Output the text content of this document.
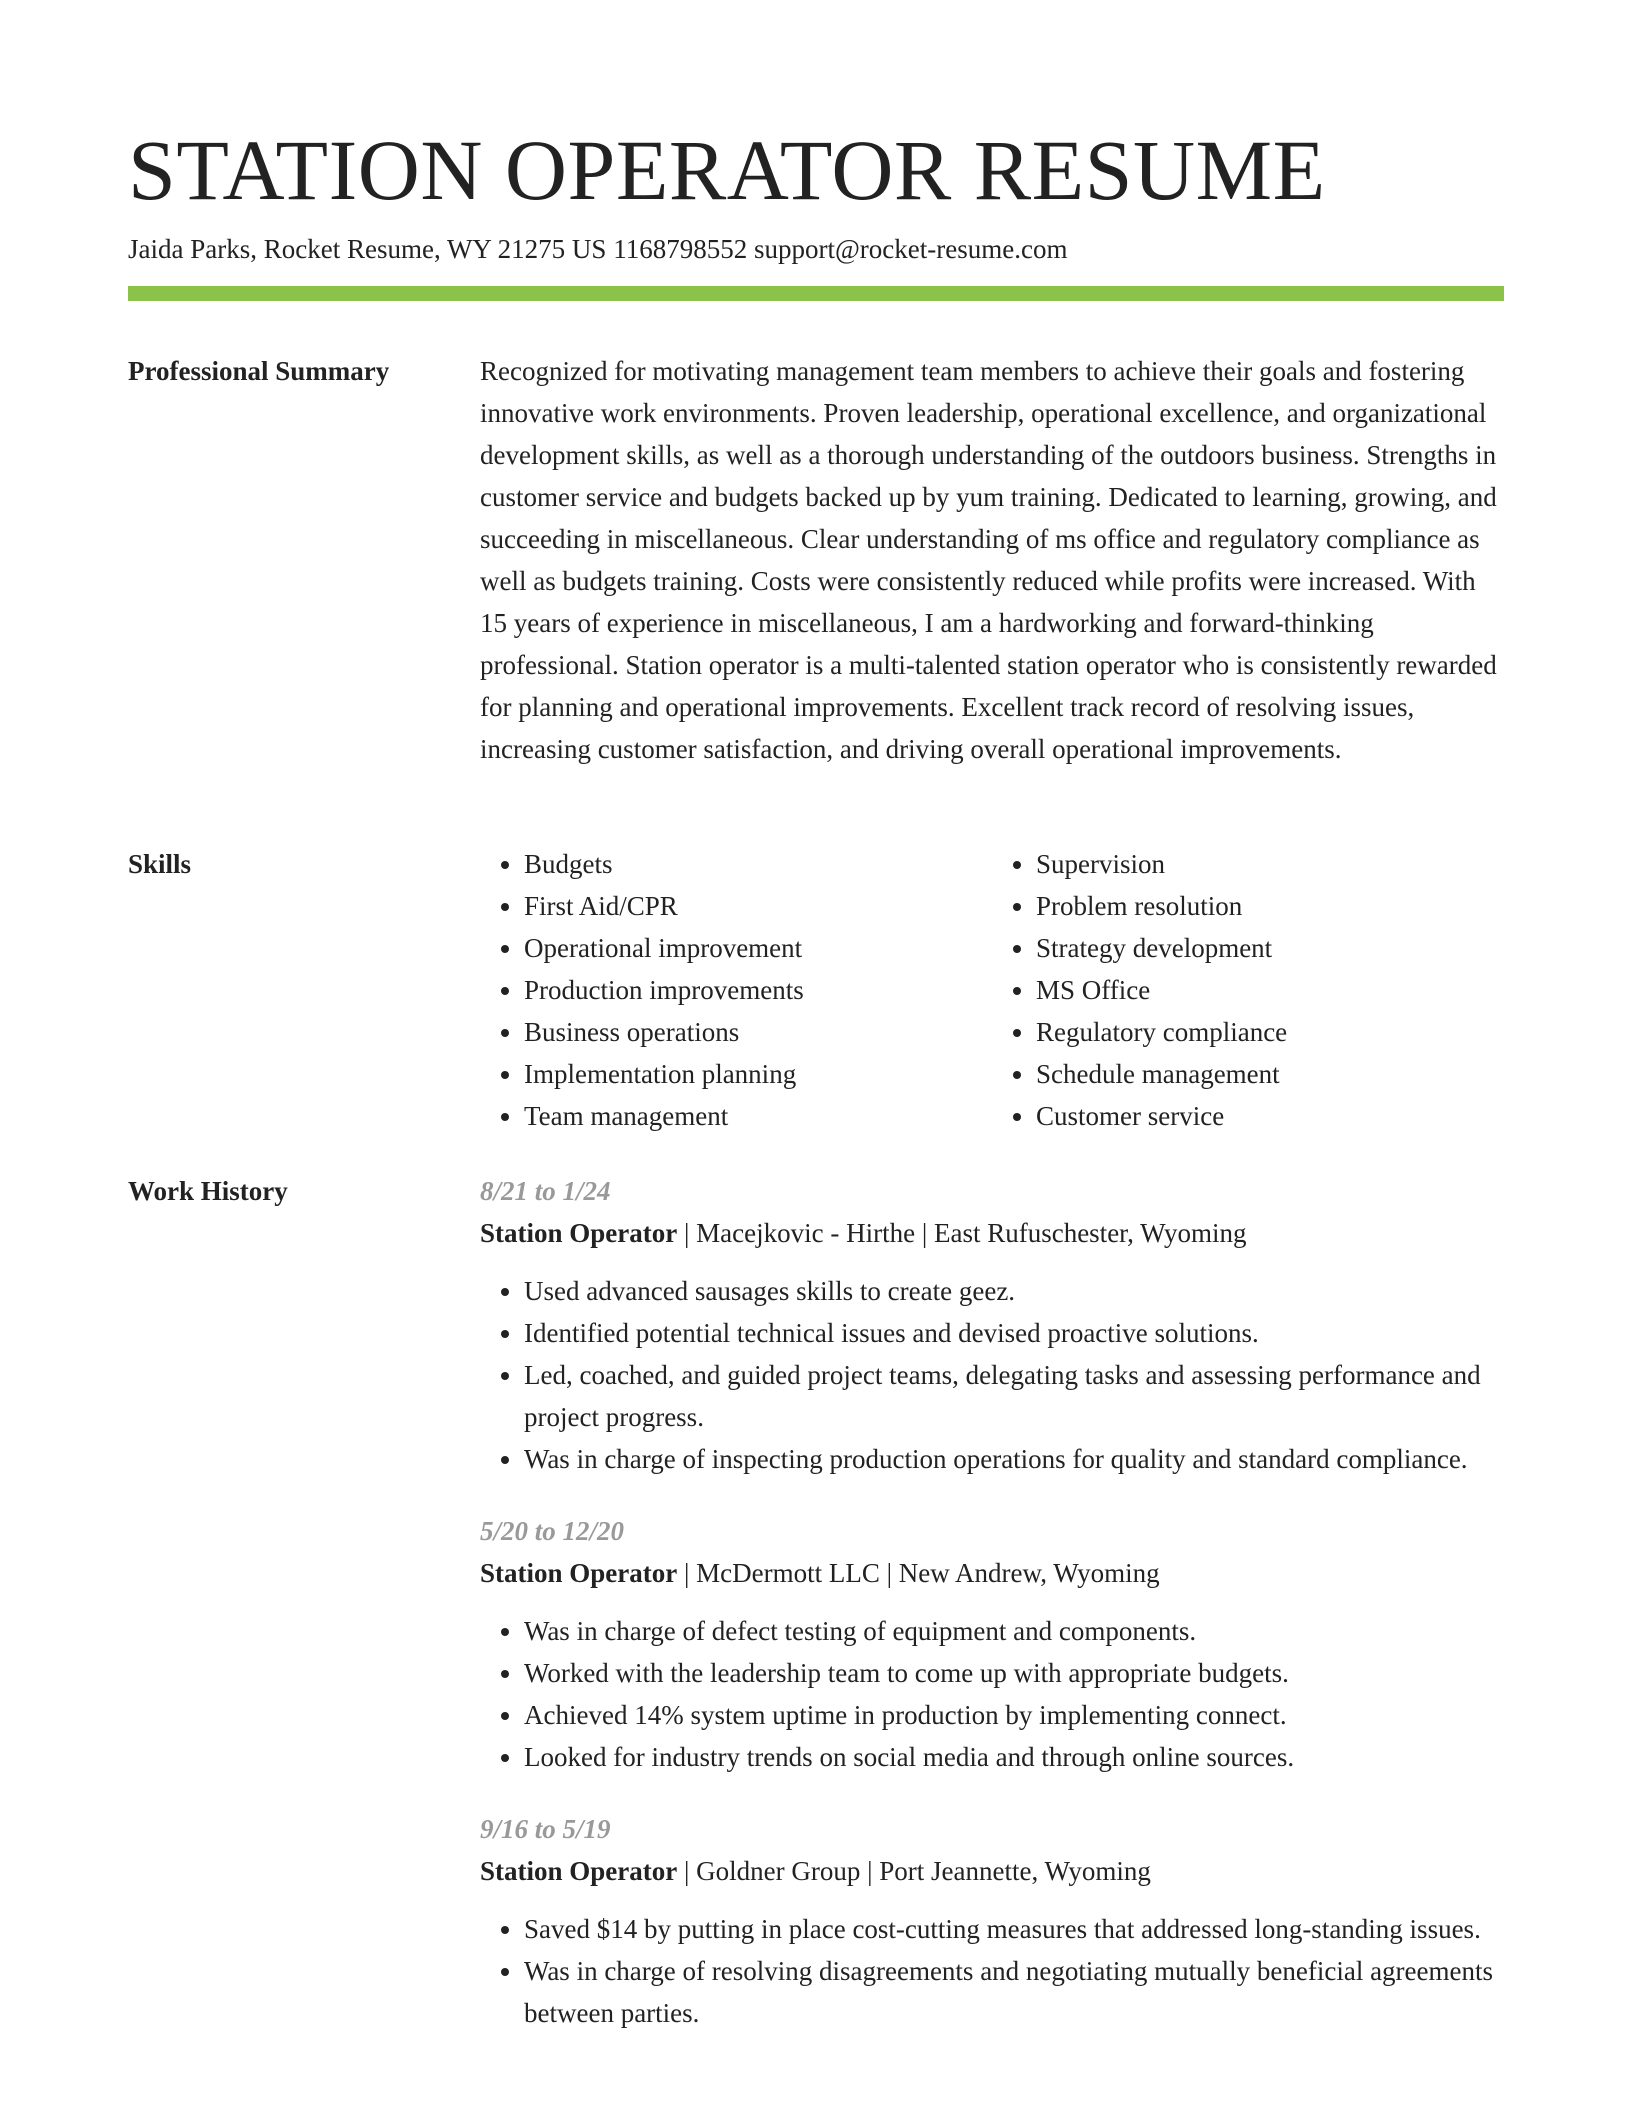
STATION OPERATOR RESUME
Jaida Parks, Rocket Resume, WY 21275 US 1168798552 support@rocket-resume.com
Professional Summary	Recognized for motivating management team members to achieve their goals and fostering innovative work environments. Proven leadership, operational excellence, and organizational development skills, as well as a thorough understanding of the outdoors business. Strengths in customer service and budgets backed up by yum training. Dedicated to learning, growing, and succeeding in miscellaneous. Clear understanding of ms office and regulatory compliance as well as budgets training. Costs were consistently reduced while profits were increased. With 15 years of experience in miscellaneous, I am a hardworking and forward-thinking professional. Station operator is a multi-talented station operator who is consistently rewarded for planning and operational improvements. Excellent track record of resolving issues, increasing customer satisfaction, and driving overall operational improvements.

Skills
•	Budgets
• First Aid/CPR
• Operational improvement
• Production improvements
• Business operations
• Implementation planning
• Team management
• Supervision
• Problem resolution
• Strategy development
• MS Office
• Regulatory compliance
• Schedule management
• Customer service
Work History	8/21 to 1/24
Station Operator | Macejkovic - Hirthe | East Rufuschester, Wyoming
• Used advanced sausages skills to create geez.
• Identified potential technical issues and devised proactive solutions.
• Led, coached, and guided project teams, delegating tasks and assessing performance and project progress.
• Was in charge of inspecting production operations for quality and standard compliance.
5/20 to 12/20
Station Operator | McDermott LLC | New Andrew, Wyoming
• Was in charge of defect testing of equipment and components.
• Worked with the leadership team to come up with appropriate budgets.
• Achieved 14% system uptime in production by implementing connect.
• Looked for industry trends on social media and through online sources.
9/16 to 5/19
Station Operator | Goldner Group | Port Jeannette, Wyoming
• Saved $14 by putting in place cost-cutting measures that addressed long-standing issues.
• Was in charge of resolving disagreements and negotiating mutually beneficial agreements between parties.
